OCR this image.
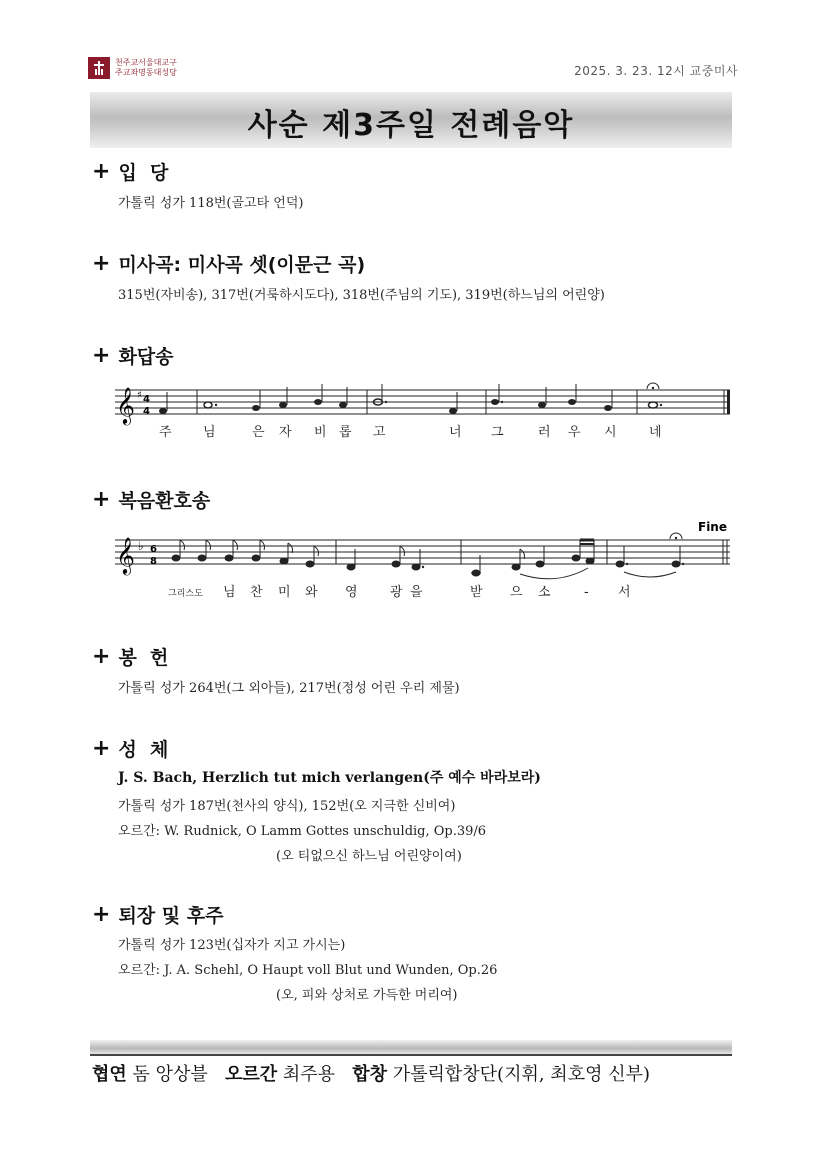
천주교서울대교구
주교좌명동대성당	2025. 3. 23. 12시 교중미사
사순 제3주일 전례음악
+ 입  당
가톨릭 성가 118번(골고타 언덕)
+ 미사곡: 미사곡 셋(이문근 곡)
315번(자비송), 317번(거룩하시도다), 318번(주님의 기도), 319번(하느님의 어린양)
+ 화답송
𝄞 ♯ 4
4
주 님	은 자 비 롭 고	너 그	러 우 시 네
+ 복음환호송
Fine
𝄞 ♭ 6
8
그리스도 님 찬 미 와 영 광 을	받 으 소	- 서
+ 봉  헌
가톨릭 성가 264번(그 외아들), 217번(정성 어린 우리 제물)
+ 성  체
J. S. Bach, Herzlich tut mich verlangen(주 예수 바라보라)
가톨릭 성가 187번(천사의 양식), 152번(오 지극한 신비여)
오르간: W. Rudnick, O Lamm Gottes unschuldig, Op.39/6
(오 티없으신 하느님 어린양이여)
+ 퇴장 및 후주
가톨릭 성가 123번(십자가 지고 가시는)
오르간: J. A. Schehl, O Haupt voll Blut und Wunden, Op.26
(오, 피와 상처로 가득한 머리여)
협연 돔 앙상블 오르간 최주용 합창 가톨릭합창단(지휘, 최호영 신부)
